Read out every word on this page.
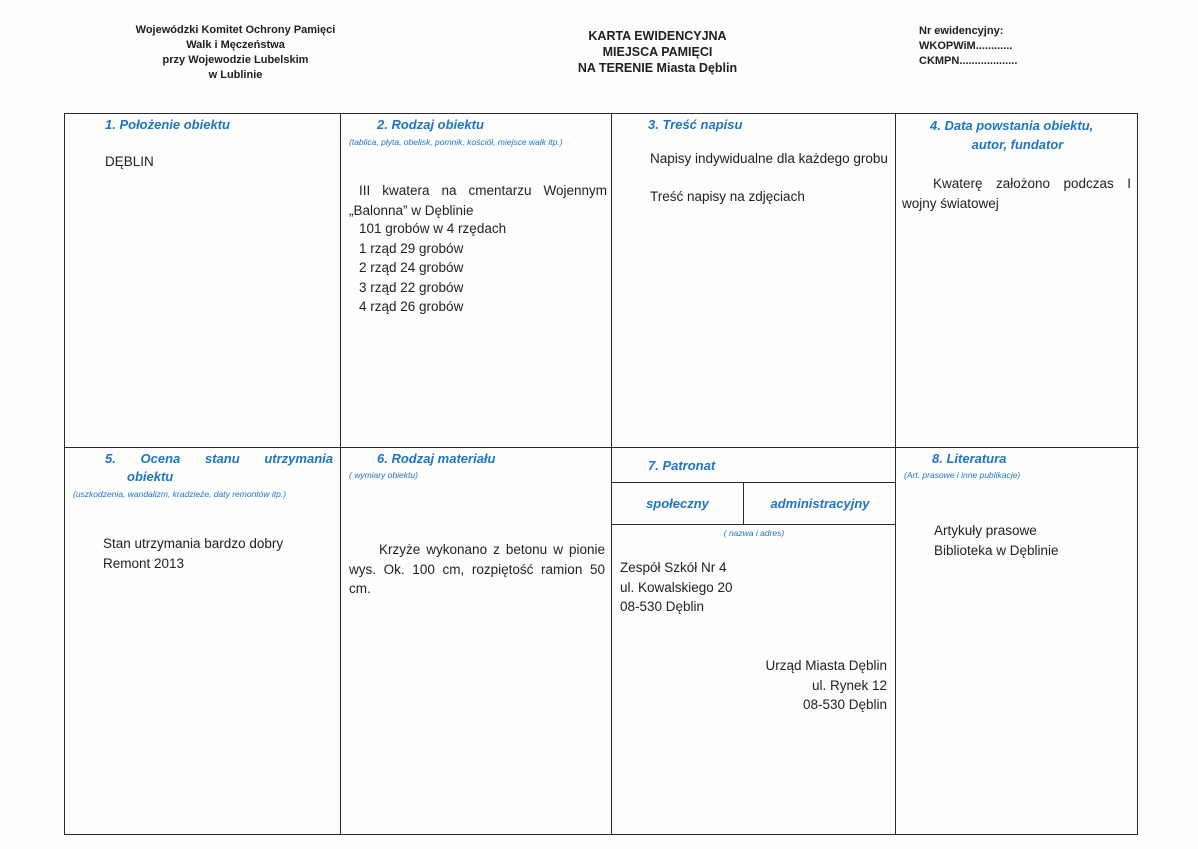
Wojewódzki Komitet Ochrony Pamięci
Walk i Męczeństwa
przy Wojewodzie Lubelskim
w Lublinie
KARTA EWIDENCYJNA
MIEJSCA PAMIĘCI
NA TERENIE Miasta Dęblin
Nr ewidencyjny:
WKOPWiM............
CKMPN...................
1. Położenie obiektu
DĘBLIN
2. Rodzaj obiektu
(tablica, płyta, obelisk, pomnik, kościół, miejsce walk itp.)
III kwatera na cmentarzu Wojennym „Balonna” w Dęblinie
101 grobów w 4 rzędach
1 rząd 29 grobów
2 rząd 24 grobów
3 rząd 22 grobów
4 rząd 26 grobów
3. Treść napisu
Napisy indywidualne dla każdego grobu
Treść napisy na zdjęciach
4. Data powstania obiektu,
autor, fundator
Kwaterę założono podczas I wojny światowej
5. Ocena stanu utrzymania
obiektu
(uszkodzenia, wandalizm, kradzieże, daty remontów itp.)
Stan utrzymania bardzo dobry
Remont 2013
6. Rodzaj materiału
( wymiary obiektu)
Krzyże wykonano z betonu w pionie wys. Ok. 100 cm, rozpiętość ramion 50 cm.
7. Patronat
społeczny	administracyjny
( nazwa i adres)
Zespół Szkół Nr 4
ul. Kowalskiego 20
08-530 Dęblin
Urząd Miasta Dęblin
ul. Rynek 12
08-530 Dęblin
8. Literatura
(Art. prasowe i inne publikacje)
Artykuły prasowe
Biblioteka w Dęblinie
